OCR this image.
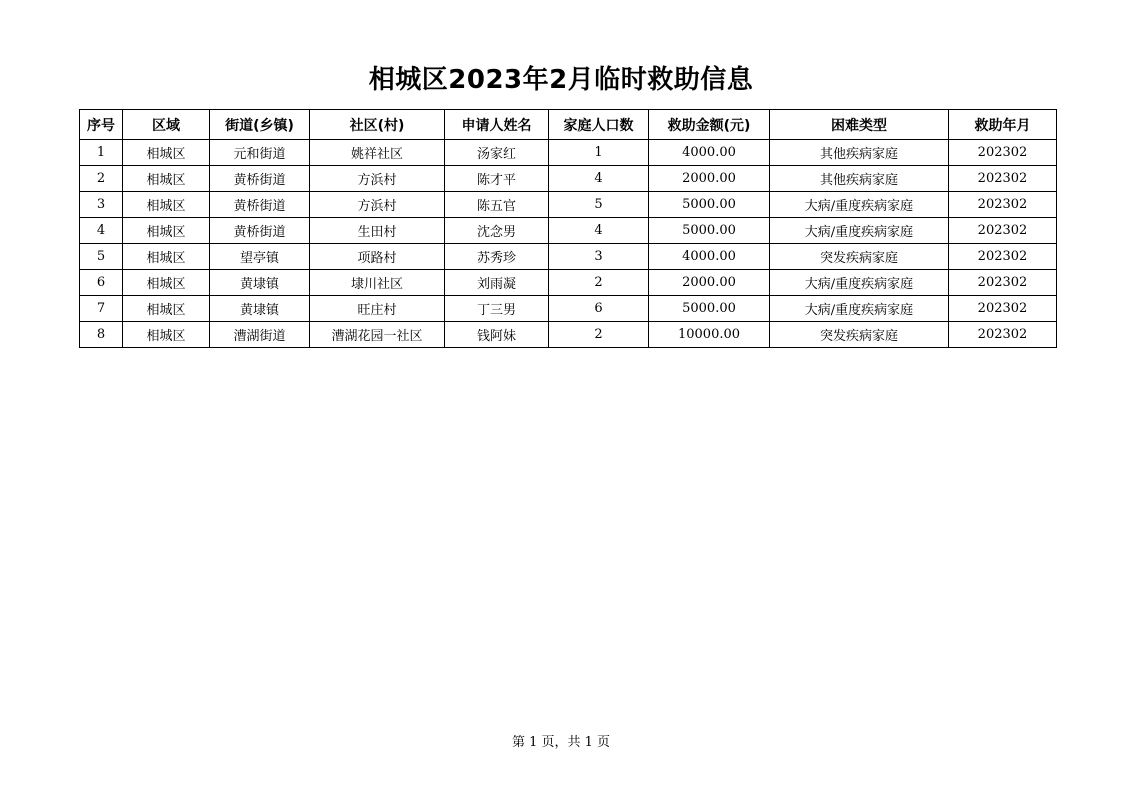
相城区2023年2月临时救助信息
序号	区域	街道(乡镇)	社区(村)	申请人姓名	家庭人口数	救助金额(元)	困难类型	救助年月
1	相城区	元和街道	姚祥社区	汤家红	1	4000.00	其他疾病家庭	202302
2	相城区	黄桥街道	方浜村	陈才平	4	2000.00	其他疾病家庭	202302
3	相城区	黄桥街道	方浜村	陈五官	5	5000.00	大病/重度疾病家庭	202302
4	相城区	黄桥街道	生田村	沈念男	4	5000.00	大病/重度疾病家庭	202302
5	相城区	望亭镇	项路村	苏秀珍	3	4000.00	突发疾病家庭	202302
6	相城区	黄埭镇	埭川社区	刘雨凝	2	2000.00	大病/重度疾病家庭	202302
7	相城区	黄埭镇	旺庄村	丁三男	6	5000.00	大病/重度疾病家庭	202302
8	相城区	漕湖街道	漕湖花园一社区	钱阿妹	2	10000.00	突发疾病家庭	202302
第 1 页，共 1 页
